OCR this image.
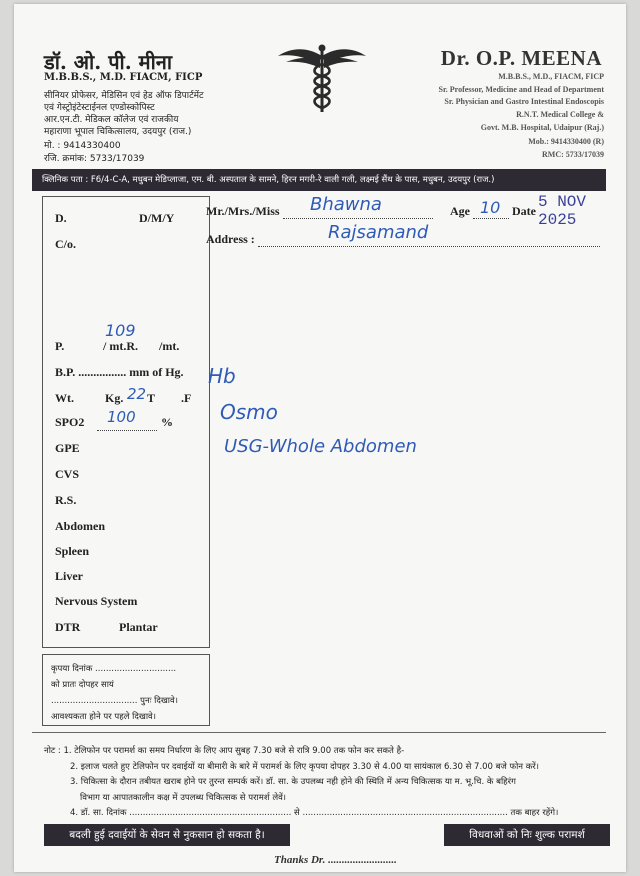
डॉ. ओ. पी. मीना
M.B.B.S., M.D. FIACM, FICP
सीनियर प्रोफेसर, मेडिसिन एवं हेड ऑफ डिपार्टमेंट
एवं गेस्ट्रोइंटेस्टाईनल एण्डोस्कोपिस्ट
आर.एन.टी. मेडिकल कॉलेज एवं राजकीय
महाराणा भूपाल चिकित्सालय, उदयपुर (राज.)
मो. : 9414330400
रजि. क्रमांक: 5733/17039
Dr. O.P. MEENA
M.B.B.S., M.D., FIACM, FICP
Sr. Professor, Medicine and Head of Department
Sr. Physician and Gastro Intestinal Endoscopis
R.N.T. Medical College &
Govt. M.B. Hospital, Udaipur (Raj.)
Mob.: 9414330400 (R)
RMC: 5733/17039
क्लिनिक पता : F6/4-C-A, मधुबन मेडिप्लाजा, एम. बी. अस्पताल के सामने, हिरन मगरी-रे वाली गली, लक्ष्मई सैंथ के पास, मधुबन, उदयपुर (राज.)
D.	D/M/Y
C/o.
109
P.	/ mt.R. /mt.
B.P. ................ mm of Hg.
Wt.	Kg. 22 T .F
SPO2 100 %
GPE
CVS
R.S.
Abdomen
Spleen
Liver
Nervous System
DTR	Plantar
Mr./Mrs./Miss	Bhawna	Age 10 Date 5 NOV 2025
Address :	Rajsamand
Hb
Osmo
USG-Whole Abdomen
कृपया दिनांक ..............................
को प्रातः दोपहर सायं
................................ पुनः दिखावे।
आवश्यकता होने पर पहले दिखावे।
नोट : 1. टेलिफोन पर परामर्श का समय निर्धारण के लिए आप सुबह 7.30 बजे से रात्रि 9.00 तक फोन कर सकते है-
2. इलाज चलते हुए टेलिफोन पर दवाईयों या बीमारी के बारे में परामर्श के लिए कृपया दोपहर 3.30 से 4.00 या सायंकाल 6.30 से 7.00 बजे फोन करें।
3. चिकित्सा के दौरान तबीयत खराब होने पर तुरन्त सम्पर्क करें। डॉ. सा. के उपलब्ध नही होने की स्थिति में अन्य चिकित्सक या म. भू.चि. के बहिरंग
विभाग या आपातकालीन कक्ष में उपलब्ध चिकित्सक से परामर्श लेवें।
4. डॉ. सा. दिनांक ............................................................ से ............................................................................ तक बाहर रहेंगे।
बदली हुई दवाईयों के सेवन से नुकसान हो सकता है।	विधवाओं को निः शुल्क परामर्श
Thanks Dr. .........................
